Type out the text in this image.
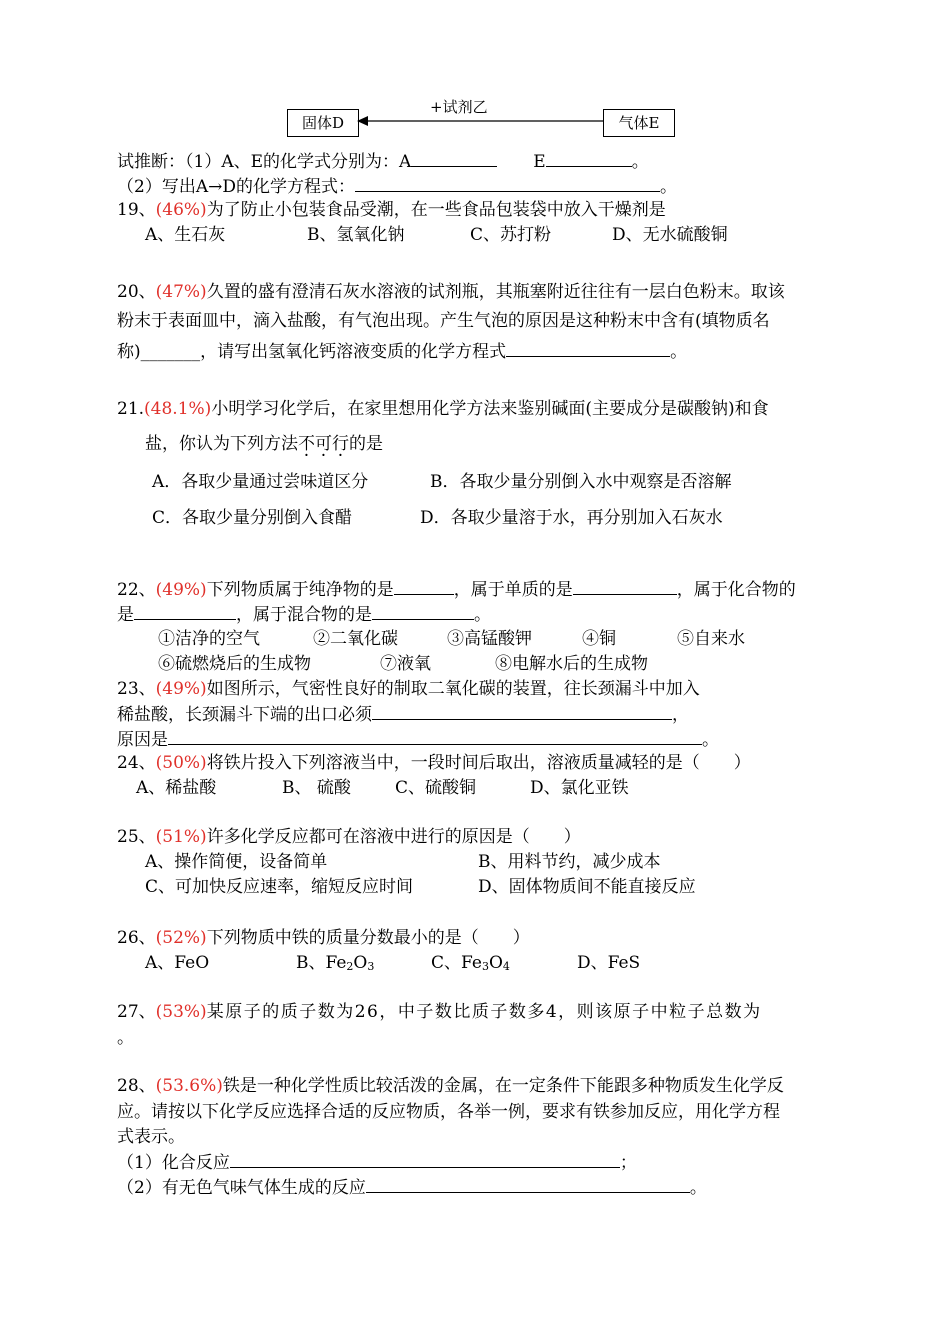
固体D	气体E
+试剂乙
试推断：（1）A、E的化学式分别为：A	E	。
（2）写出A→D的化学方程式：	。
19、(46%)为了防止小包装食品受潮，在一些食品包装袋中放入干燥剂是
A、生石灰	B、氢氧化钠	C、苏打粉	D、无水硫酸铜
20、(47%)久置的盛有澄清石灰水溶液的试剂瓶，其瓶塞附近往往有一层白色粉末。取该
粉末于表面皿中，滴入盐酸，有气泡出现。产生气泡的原因是这种粉末中含有(填物质名
称)_______，请写出氢氧化钙溶液变质的化学方程式	。
21.(48.1%)小明学习化学后，在家里想用化学方法来鉴别碱面(主要成分是碳酸钠)和食
盐，你认为下列方法不可行的是
A．各取少量通过尝味道区分	B．各取少量分别倒入水中观察是否溶解
C．各取少量分别倒入食醋	D．各取少量溶于水，再分别加入石灰水
22、(49%)下列物质属于纯净物的是	，属于单质的是	，属于化合物的
是	，属于混合物的是	。
①洁净的空气	②二氧化碳	③高锰酸钾	④铜	⑤自来水
⑥硫燃烧后的生成物	⑦液氧	⑧电解水后的生成物
23、(49%)如图所示，气密性良好的制取二氧化碳的装置，往长颈漏斗中加入
稀盐酸，长颈漏斗下端的出口必须	，
原因是	。
24、(50%)将铁片投入下列溶液当中，一段时间后取出，溶液质量减轻的是（　　）
A、稀盐酸	B、 硫酸	C、硫酸铜	D、氯化亚铁
25、(51%)许多化学反应都可在溶液中进行的原因是（　　）
A、操作简便，设备简单	B、用料节约，减少成本
C、可加快反应速率，缩短反应时间	D、固体物质间不能直接反应
26、(52%)下列物质中铁的质量分数最小的是（　　）
A、FeO	B、$Fe_2O_3$	C、$Fe_3O_4$	D、FeS
27、(53%)某原子的质子数为26，中子数比质子数多4，则该原子中粒子总数为
。
28、(53.6%)铁是一种化学性质比较活泼的金属，在一定条件下能跟多种物质发生化学反
应。请按以下化学反应选择合适的反应物质，各举一例，要求有铁参加反应，用化学方程
式表示。
（1）化合反应	；
（2）有无色气味气体生成的反应	。
